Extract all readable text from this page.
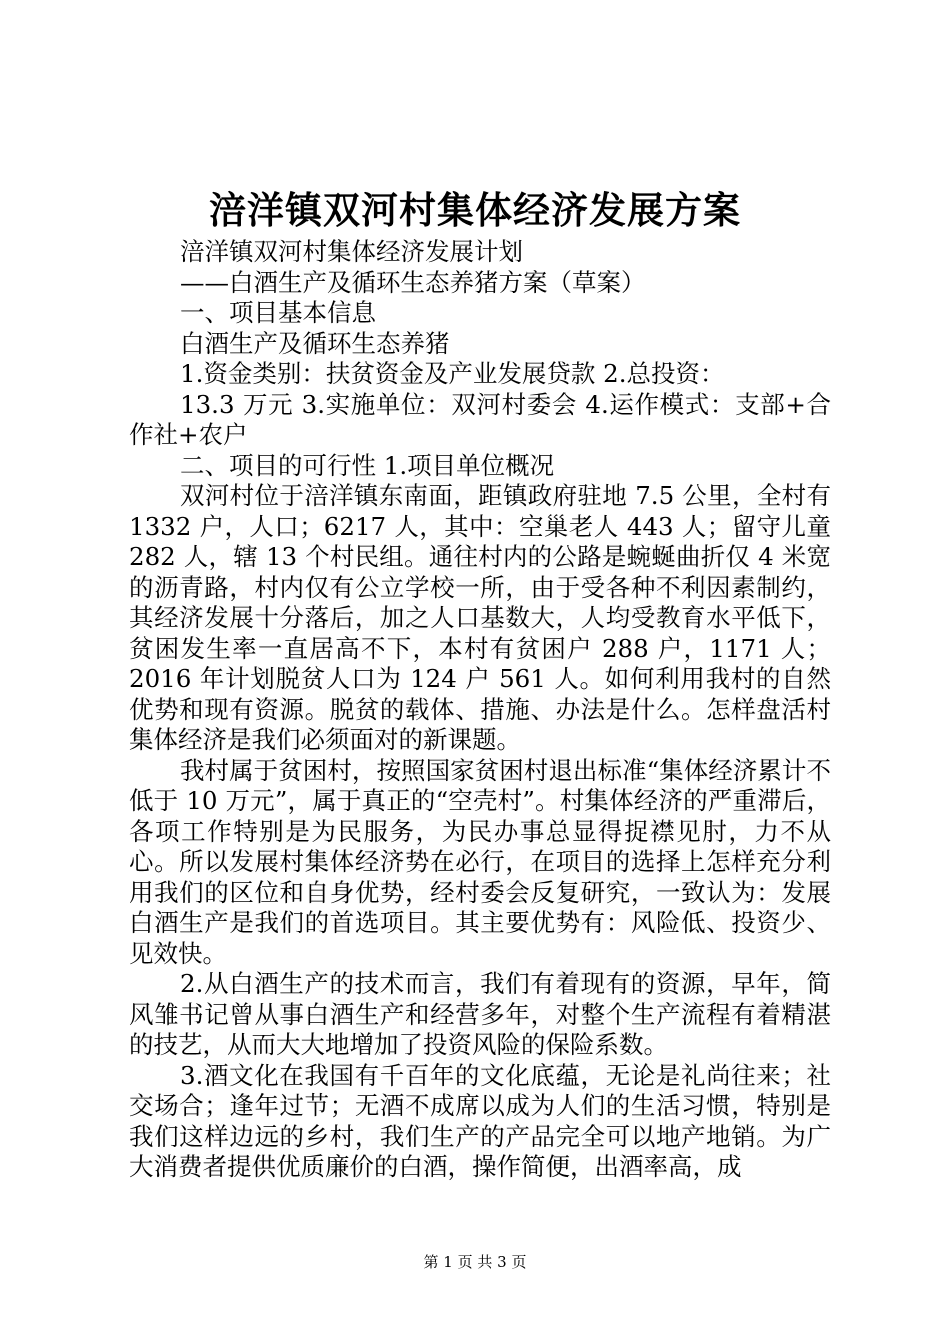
涪洋镇双河村集体经济发展方案

涪洋镇双河村集体经济发展计划

——白酒生产及循环生态养猪方案（草案）

一、项目基本信息

白酒生产及循环生态养猪

1.资金类别：扶贫资金及产业发展贷款 2.总投资：

13.3 万元 3.实施单位：双河村委会 4.运作模式：支部+合作社+农户

二、项目的可行性 1.项目单位概况

双河村位于涪洋镇东南面，距镇政府驻地 7.5 公里，全村有 1332 户，人口；6217 人，其中：空巢老人 443 人；留守儿童 282 人，辖 13 个村民组。通往村内的公路是蜿蜒曲折仅 4 米宽的沥青路，村内仅有公立学校一所，由于受各种不利因素制约，其经济发展十分落后，加之人口基数大，人均受教育水平低下，贫困发生率一直居高不下，本村有贫困户 288 户，1171 人；2016 年计划脱贫人口为 124 户 561 人。如何利用我村的自然优势和现有资源。脱贫的载体、措施、办法是什么。怎样盘活村集体经济是我们必须面对的新课题。

我村属于贫困村，按照国家贫困村退出标准“集体经济累计不低于 10 万元”，属于真正的“空壳村”。村集体经济的严重滞后，各项工作特别是为民服务，为民办事总显得捉襟见肘，力不从心。所以发展村集体经济势在必行，在项目的选择上怎样充分利用我们的区位和自身优势，经村委会反复研究，一致认为：发展白酒生产是我们的首选项目。其主要优势有：风险低、投资少、见效快。

2.从白酒生产的技术而言，我们有着现有的资源，早年，简风雏书记曾从事白酒生产和经营多年，对整个生产流程有着精湛的技艺，从而大大地增加了投资风险的保险系数。

3.酒文化在我国有千百年的文化底蕴，无论是礼尚往来；社交场合；逢年过节；无酒不成席以成为人们的生活习惯，特别是我们这样边远的乡村，我们生产的产品完全可以地产地销。为广大消费者提供优质廉价的白酒，操作简便，出酒率高，成

第 1 页 共 3 页
